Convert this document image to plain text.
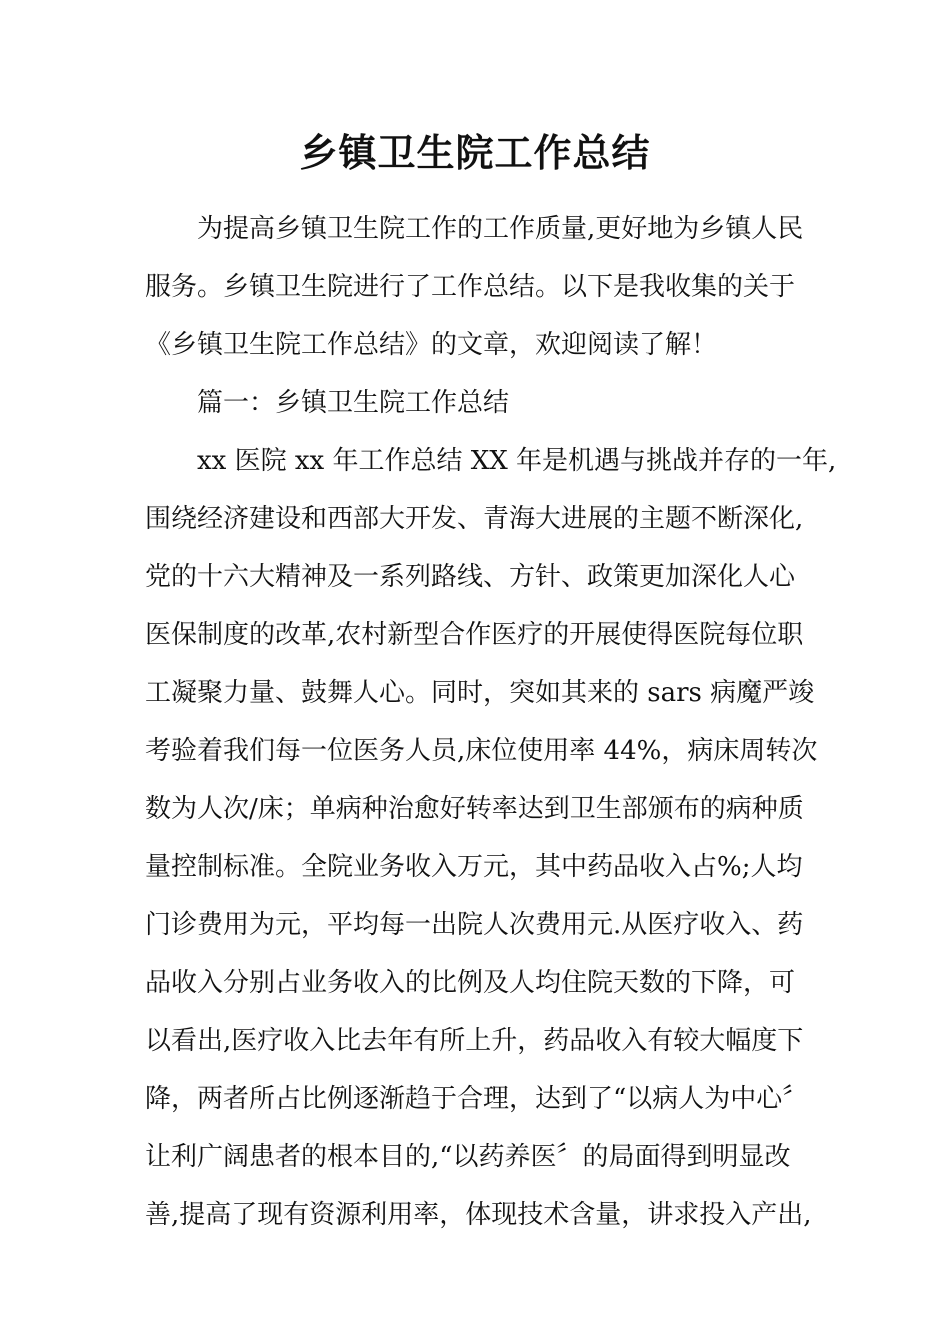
乡镇卫生院工作总结
为提高乡镇卫生院工作的工作质量,更好地为乡镇人民
服务。乡镇卫生院进行了工作总结。以下是我收集的关于
《乡镇卫生院工作总结》的文章，欢迎阅读了解！
篇一：乡镇卫生院工作总结
xx 医院 xx 年工作总结 XX 年是机遇与挑战并存的一年,
围绕经济建设和西部大开发、青海大进展的主题不断深化,
党的十六大精神及一系列路线、方针、政策更加深化人心
医保制度的改革,农村新型合作医疗的开展使得医院每位职
工凝聚力量、鼓舞人心。同时，突如其来的 sars 病魔严竣
考验着我们每一位医务人员,床位使用率 44%，病床周转次
数为人次/床；单病种治愈好转率达到卫生部颁布的病种质
量控制标准。全院业务收入万元，其中药品收入占%;人均
门诊费用为元，平均每一出院人次费用元.从医疗收入、药
品收入分别占业务收入的比例及人均住院天数的下降，可
以看出,医疗收入比去年有所上升，药品收入有较大幅度下
降，两者所占比例逐渐趋于合理，达到了“以病人为中心〞
让利广阔患者的根本目的,“以药养医〞的局面得到明显改
善,提高了现有资源利用率，体现技术含量，讲求投入产出,
